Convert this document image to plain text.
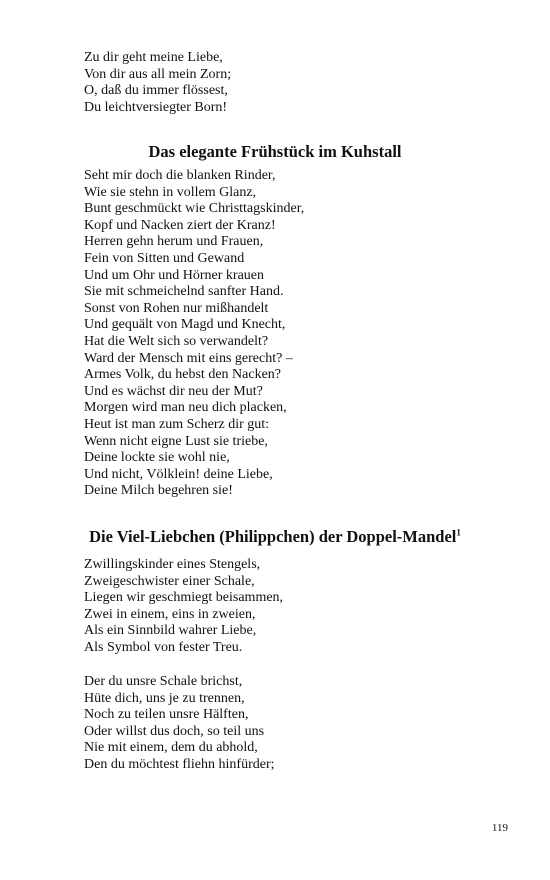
Zu dir geht meine Liebe,
Von dir aus all mein Zorn;
O, daß du immer flössest,
Du leichtversiegter Born!
Das elegante Frühstück im Kuhstall
Seht mir doch die blanken Rinder,
Wie sie stehn in vollem Glanz,
Bunt geschmückt wie Christtagskinder,
Kopf und Nacken ziert der Kranz!
Herren gehn herum und Frauen,
Fein von Sitten und Gewand
Und um Ohr und Hörner krauen
Sie mit schmeichelnd sanfter Hand.
Sonst von Rohen nur mißhandelt
Und gequält von Magd und Knecht,
Hat die Welt sich so verwandelt?
Ward der Mensch mit eins gerecht? –
Armes Volk, du hebst den Nacken?
Und es wächst dir neu der Mut?
Morgen wird man neu dich placken,
Heut ist man zum Scherz dir gut:
Wenn nicht eigne Lust sie triebe,
Deine lockte sie wohl nie,
Und nicht, Völklein! deine Liebe,
Deine Milch begehren sie!
Die Viel-Liebchen (Philippchen) der Doppel-Mandel$^1$
Zwillingskinder eines Stengels,
Zweigeschwister einer Schale,
Liegen wir geschmiegt beisammen,
Zwei in einem, eins in zweien,
Als ein Sinnbild wahrer Liebe,
Als Symbol von fester Treu.
Der du unsre Schale brichst,
Hüte dich, uns je zu trennen,
Noch zu teilen unsre Hälften,
Oder willst dus doch, so teil uns
Nie mit einem, dem du abhold,
Den du möchtest fliehn hinfürder;
119
